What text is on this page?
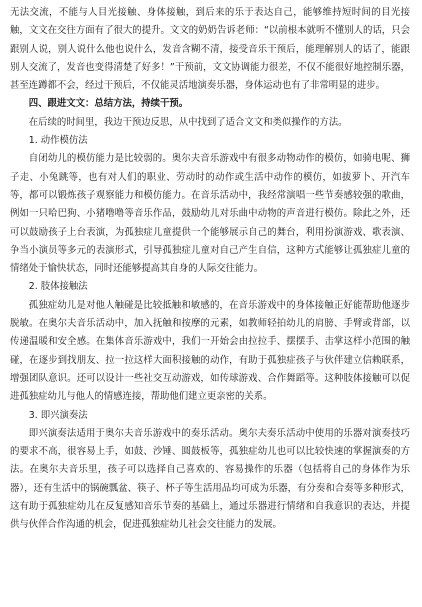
无法交流，不能与人目光接触、身体接触，到后来的乐于表达自己，能够维持短时间的目光接触，文文在交往方面有了很大的提升。文文的奶奶告诉老师：“以前根本就听不懂别人的话，只会跟别人说，别人说什么他也说什么，发音含糊不清，接受音乐干预后，能理解别人的话了，能跟别人交流了，发音也变得清楚了好多！”干预前，文文协调能力很差，不仅不能很好地控制乐器，甚至连蹲都不会，经过干预后，不仅能灵活地演奏乐器，身体运动也有了非常明显的进步。

四、跟进文文：总结方法，持续干预。

在后续的时间里，我边干预边反思，从中找到了适合文文和类似操作的方法。

1. 动作模仿法

自闭幼儿的模仿能力是比较弱的。奥尔夫音乐游戏中有很多动物动作的模仿，如骑电呢、狮子走、小兔跳等，也有对人们的职业、劳动时的动作或生活中动作的模仿，如拔萝卜、开汽车等，都可以锻炼孩子观察能力和模仿能力。在音乐活动中，我经常演唱一些节奏感较强的歌曲，例如一只哈巴狗、小猪噜噜等音乐作品，鼓励幼儿对乐曲中动物的声音进行模仿。除此之外，还可以鼓励孩子上台表演，为孤独症儿童提供一个能够展示自己的舞台，利用扮演游戏、歌表演、争当小演员等多元的表演形式，引导孤独症儿童对自己产生自信，这种方式能够让孤独症儿童的情绪处于愉快状态，同时还能够提高其自身的人际交往能力。

2. 肢体接触法

孤独症幼儿是对他人触碰是比较抵触和敏感的，在音乐游戏中的身体接触正好能帮助他逐步脱敏。在奥尔夫音乐活动中，加入抚触和按摩的元素，如教师轻拍幼儿的肩膀、手臂或背部，以传递温暖和安全感。在集体音乐游戏中，我们一开始会由拉拉手、摆摆手、击掌这样小范围的触碰，在逐步到找朋友、拉一拉这样大面积接触的动作，有助于孤独症孩子与伙伴建立信赖联系，增强团队意识。还可以设计一些社交互动游戏，如传球游戏、合作舞蹈等。这种肢体接触可以促进孤独症幼儿与他人的情感连接，帮助他们建立更亲密的关系。

3. 即兴演奏法

即兴演奏法适用于奥尔夫音乐游戏中的奏乐活动。奥尔夫奏乐活动中使用的乐器对演奏技巧的要求不高，很容易上手，如鼓、沙锤、圆鼓板等，孤独症幼儿也可以比较快速的掌握演奏的方法。在奥尔夫音乐里，孩子可以选择自己喜欢的、容易操作的乐器（包括将自己的身体作为乐器），还有生活中的锅碗瓢盆、筷子、杯子等生活用品均可成为乐器，有分奏和合奏等多种形式，这有助于孤独症幼儿在反复感知音乐节奏的基础上，通过乐器进行情绪和自我意识的表达，并提供与伙伴合作沟通的机会，促进孤独症幼儿社会交往能力的发展。
